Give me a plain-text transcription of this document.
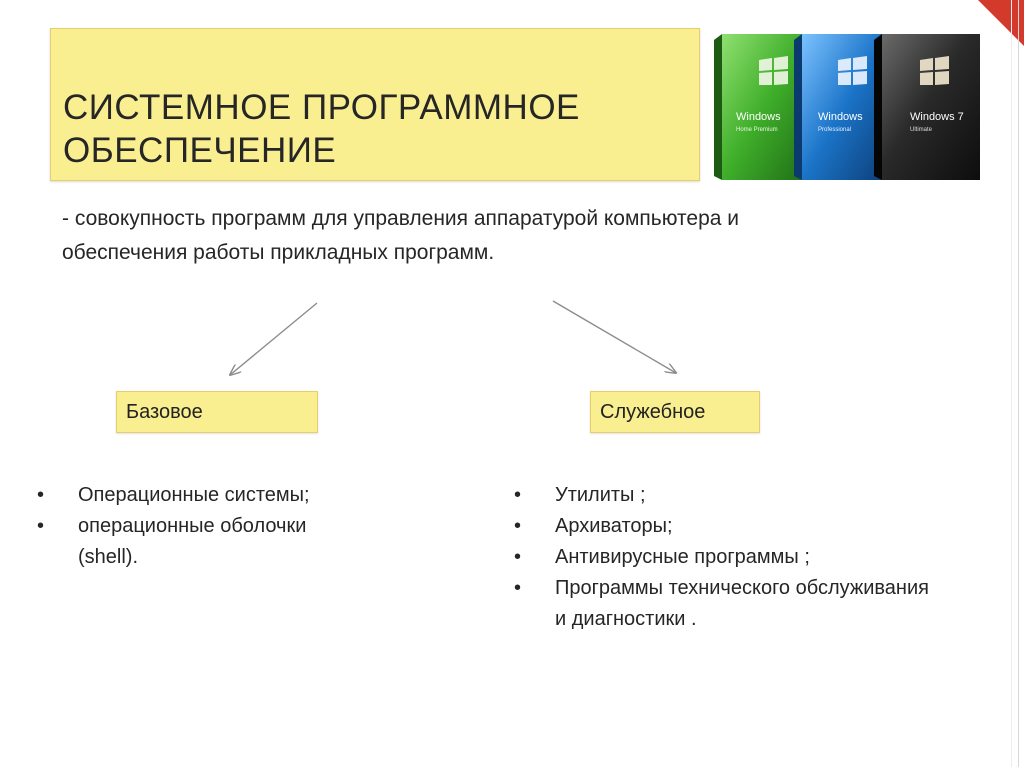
СИСТЕМНОЕ ПРОГРАММНОЕ ОБЕСПЕЧЕНИЕ
Windows
Home Premium
Windows
Professional
Windows 7
Ultimate
- совокупность программ для управления аппаратурой компьютера и обеспечения работы прикладных программ.
Базовое	Служебное
• Операционные системы;
• операционные оболочки (shell).
• Утилиты ;
• Архиваторы;
• Антивирусные программы ;
• Программы технического обслуживания и диагностики .
